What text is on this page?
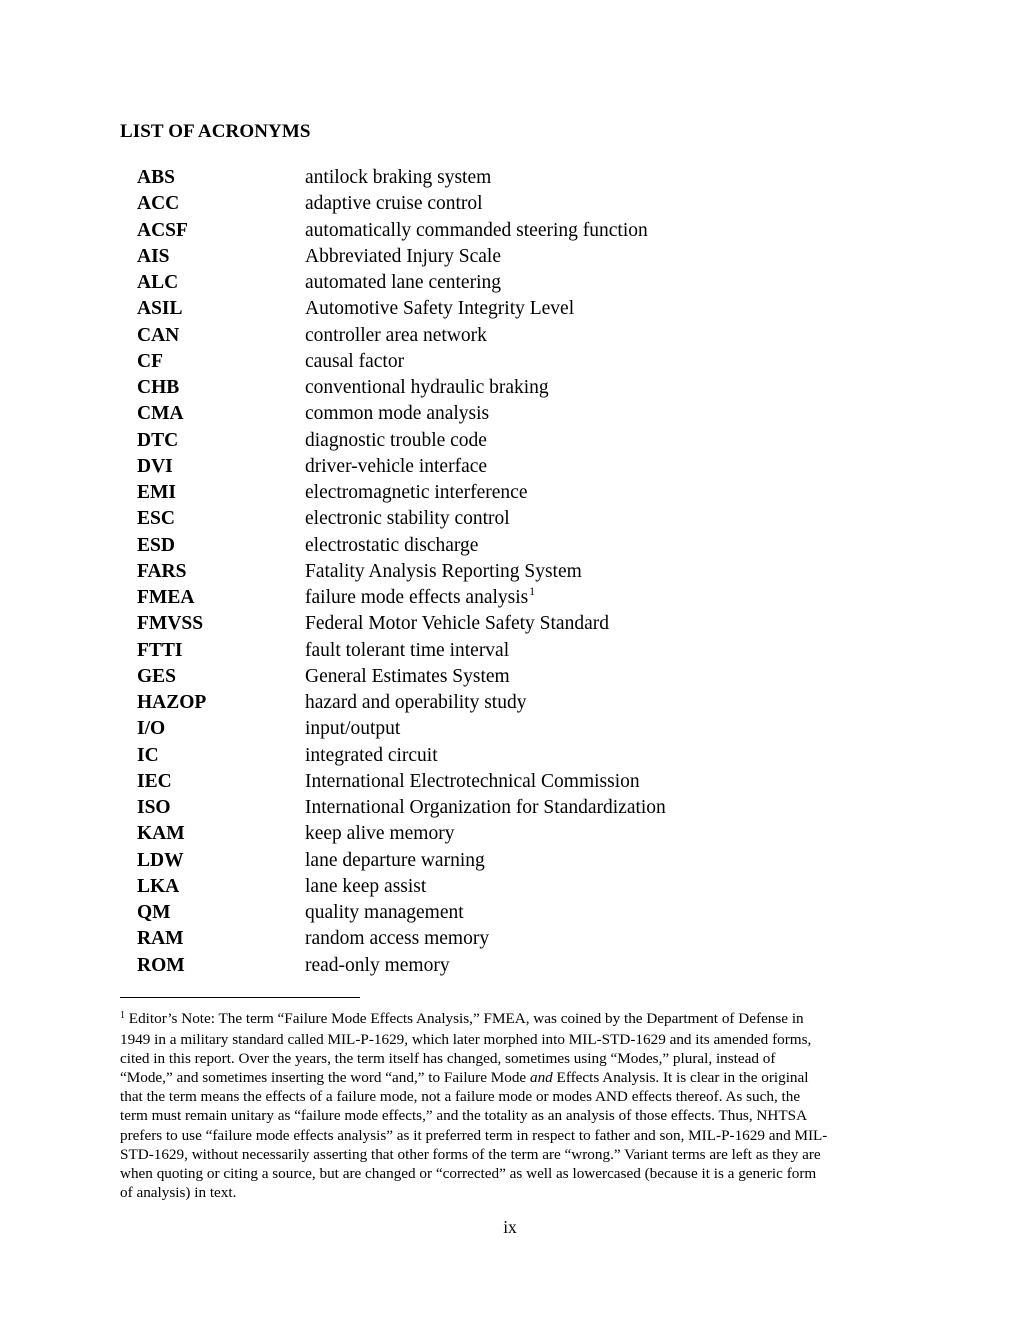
LIST OF ACRONYMS
ABS	antilock braking system
ACC	adaptive cruise control
ACSF	automatically commanded steering function
AIS	Abbreviated Injury Scale
ALC	automated lane centering
ASIL	Automotive Safety Integrity Level
CAN	controller area network
CF	causal factor
CHB	conventional hydraulic braking
CMA	common mode analysis
DTC	diagnostic trouble code
DVI	driver-vehicle interface
EMI	electromagnetic interference
ESC	electronic stability control
ESD	electrostatic discharge
FARS	Fatality Analysis Reporting System
FMEA	failure mode effects analysis$^1$
FMVSS	Federal Motor Vehicle Safety Standard
FTTI	fault tolerant time interval
GES	General Estimates System
HAZOP	hazard and operability study
I/O	input/output
IC	integrated circuit
IEC	International Electrotechnical Commission
ISO	International Organization for Standardization
KAM	keep alive memory
LDW	lane departure warning
LKA	lane keep assist
QM	quality management
RAM	random access memory
ROM	read-only memory
$^1$ Editor’s Note: The term “Failure Mode Effects Analysis,” FMEA, was coined by the Department of Defense in
1949 in a military standard called MIL-P-1629, which later morphed into MIL-STD-1629 and its amended forms,
cited in this report. Over the years, the term itself has changed, sometimes using “Modes,” plural, instead of
“Mode,” and sometimes inserting the word “and,” to Failure Mode and Effects Analysis. It is clear in the original
that the term means the effects of a failure mode, not a failure mode or modes AND effects thereof. As such, the
term must remain unitary as “failure mode effects,” and the totality as an analysis of those effects. Thus, NHTSA
prefers to use “failure mode effects analysis” as it preferred term in respect to father and son, MIL-P-1629 and MIL-
STD-1629, without necessarily asserting that other forms of the term are “wrong.” Variant terms are left as they are
when quoting or citing a source, but are changed or “corrected” as well as lowercased (because it is a generic form
of analysis) in text.
ix
